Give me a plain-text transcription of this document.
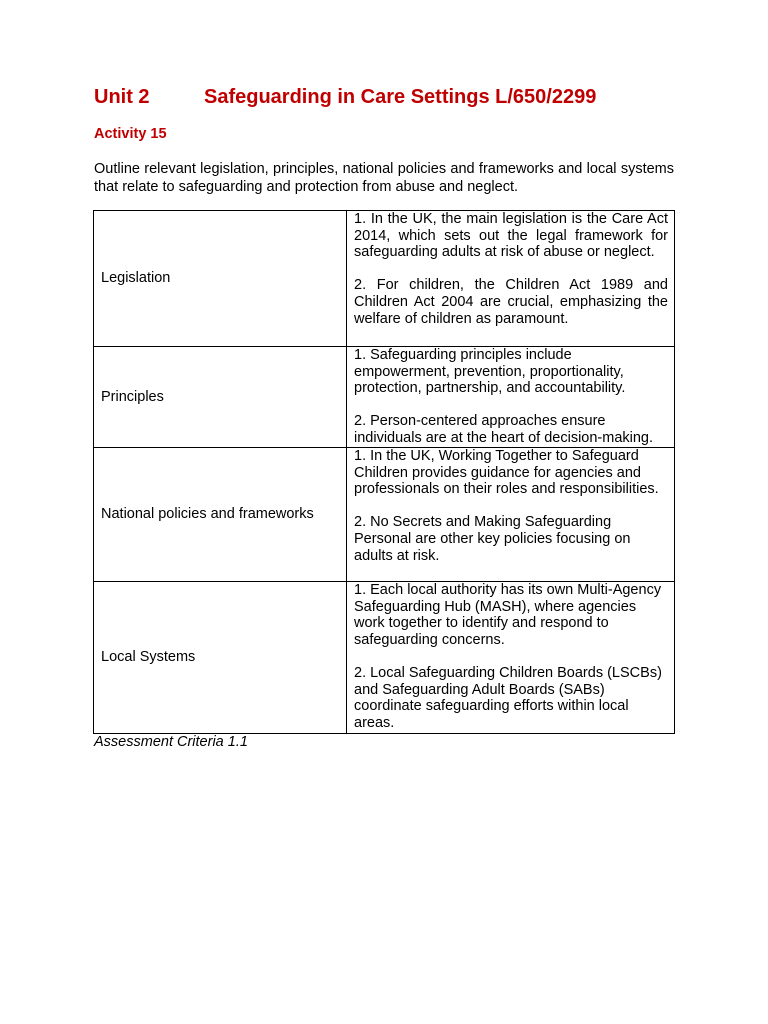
Unit 2	Safeguarding in Care Settings L/650/2299
Activity 15
Outline relevant legislation, principles, national policies and frameworks and local systems that relate to safeguarding and protection from abuse and neglect.
Legislation	1. In the UK, the main legislation is the Care Act 2014, which sets out the legal framework for safeguarding adults at risk of abuse or neglect.
2. For children, the Children Act 1989 and Children Act 2004 are crucial, emphasizing the welfare of children as paramount.

Principles	1. Safeguarding principles include empowerment, prevention, proportionality, protection, partnership, and accountability.
2. Person-centered approaches ensure individuals are at the heart of decision-making.

National policies and frameworks	1. In the UK, Working Together to Safeguard Children provides guidance for agencies and professionals on their roles and responsibilities.
2. No Secrets and Making Safeguarding Personal are other key policies focusing on adults at risk.

Local Systems	1. Each local authority has its own Multi-Agency Safeguarding Hub (MASH), where agencies work together to identify and respond to safeguarding concerns.
2. Local Safeguarding Children Boards (LSCBs) and Safeguarding Adult Boards (SABs) coordinate safeguarding efforts within local areas.
Assessment Criteria 1.1
